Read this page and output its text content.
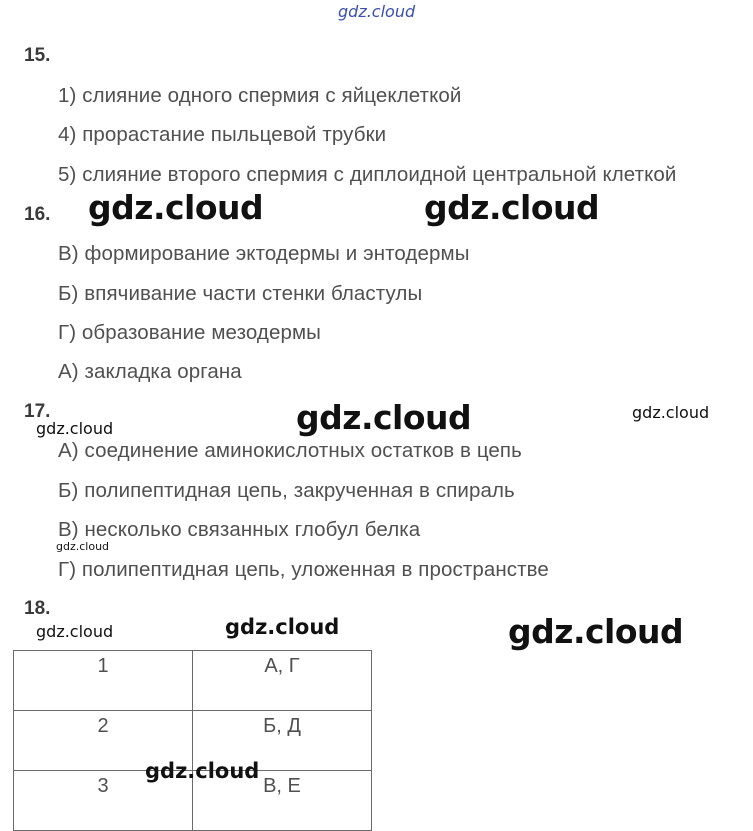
gdz.cloud
15.
1) слияние одного спермия с яйцеклеткой
4) прорастание пыльцевой трубки
5) слияние второго спермия с диплоидной центральной клеткой
16. gdz.cloud	gdz.cloud
В) формирование эктодермы и энтодермы
Б) впячивание части стенки бластулы
Г) образование мезодермы
А) закладка органа
17.
gdz.cloud	gdz.cloud	gdz.cloud
А) соединение аминокислотных остатков в цепь
Б) полипептидная цепь, закрученная в спираль
В) несколько связанных глобул белка
gdz.cloud
Г) полипептидная цепь, уложенная в пространстве
18.
gdz.cloud	gdz.cloud	gdz.cloud
1	А, Г
2	Б, Д
3	В, Е
gdz.cloud
